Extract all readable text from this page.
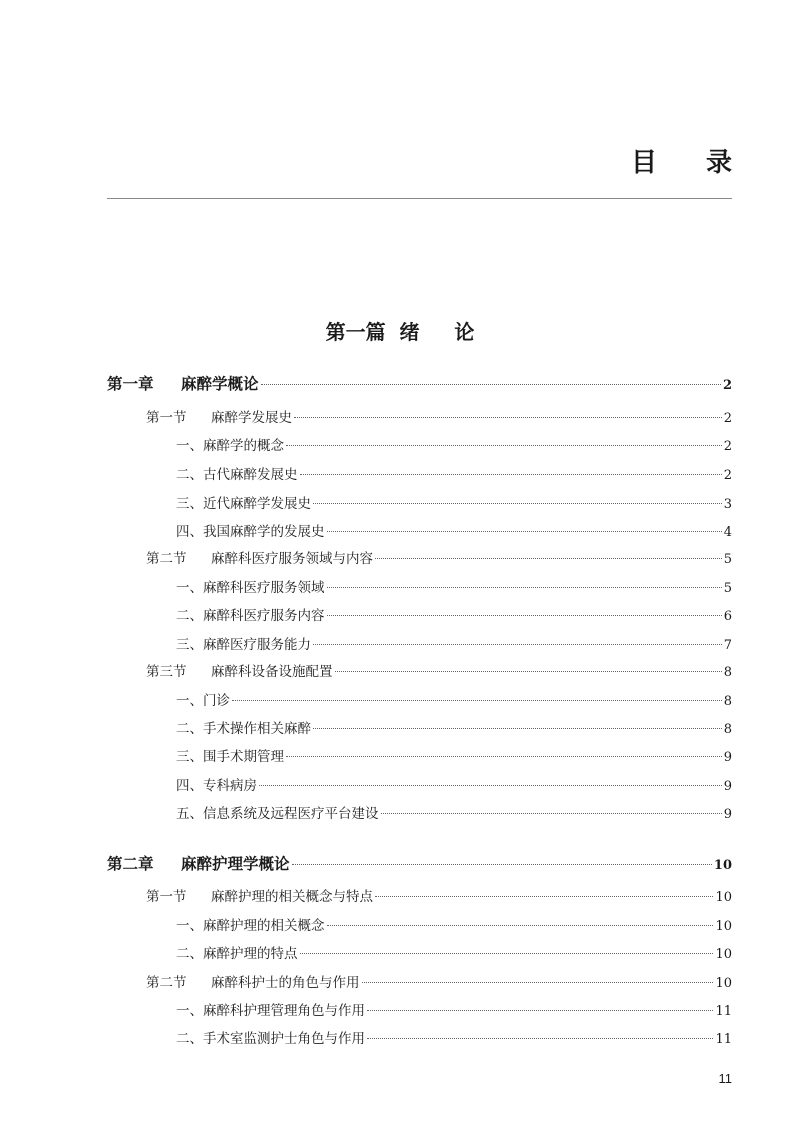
目 录
第一篇  绪     论
第一章 麻醉学概论	2
第一节 麻醉学发展史	2
一、麻醉学的概念	2
二、古代麻醉发展史	2
三、近代麻醉学发展史	3
四、我国麻醉学的发展史	4
第二节 麻醉科医疗服务领域与内容	5
一、麻醉科医疗服务领域	5
二、麻醉科医疗服务内容	6
三、麻醉医疗服务能力	7
第三节 麻醉科设备设施配置	8
一、门诊	8
二、手术操作相关麻醉	8
三、围手术期管理	9
四、专科病房	9
五、信息系统及远程医疗平台建设	9
第二章 麻醉护理学概论	10
第一节 麻醉护理的相关概念与特点	10
一、麻醉护理的相关概念	10
二、麻醉护理的特点	10
第二节 麻醉科护士的角色与作用	10
一、麻醉科护理管理角色与作用	11
二、手术室监测护士角色与作用	11
11
